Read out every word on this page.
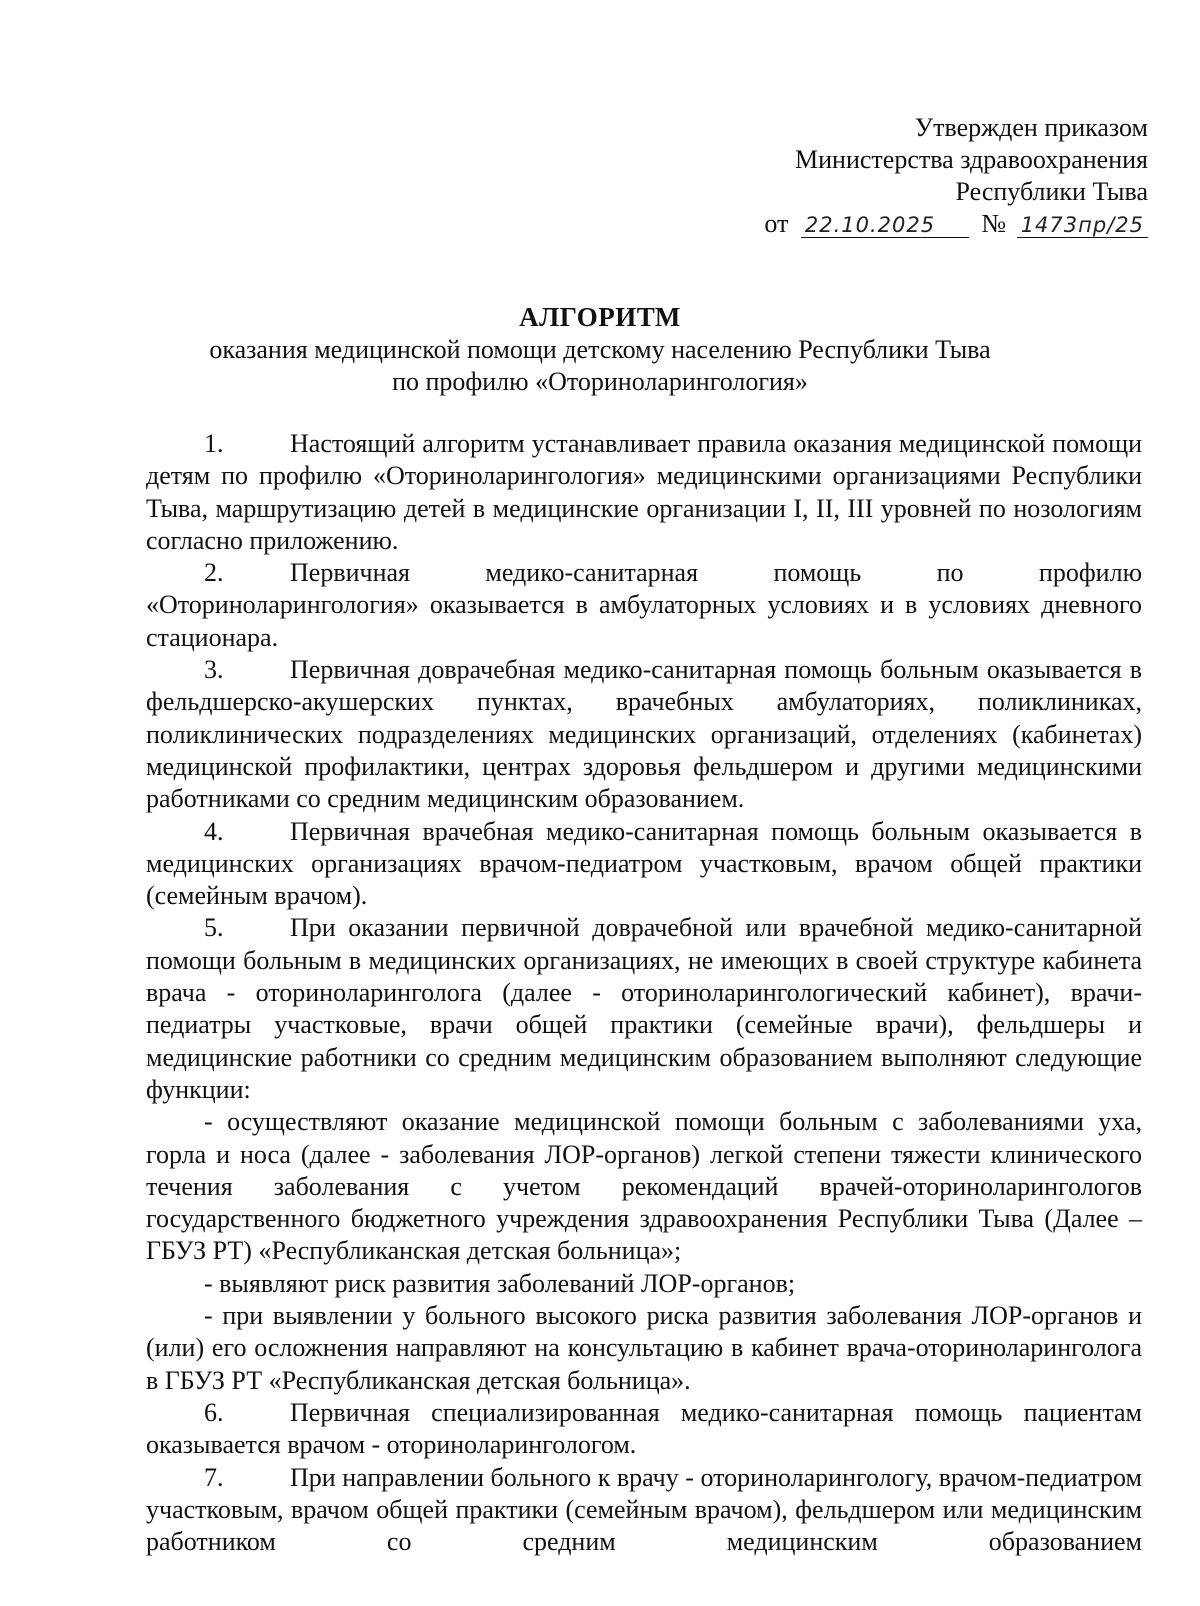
Утвержден приказом
Министерства здравоохранения
Республики Тыва
от 22.10.2025 № 1473пр/25
АЛГОРИТМ
оказания медицинской помощи детскому населению Республики Тыва
по профилю «Оториноларингология»

1.	Настоящий алгоритм устанавливает правила оказания медицинской помощи детям по профилю «Оториноларингология» медицинскими организациями Республики Тыва, маршрутизацию детей в медицинские организации I, II, III уровней по нозологиям согласно приложению.

2.	Первичная медико-санитарная помощь по профилю «Оториноларингология» оказывается в амбулаторных условиях и в условиях дневного стационара.

3.	Первичная доврачебная медико-санитарная помощь больным оказывается в фельдшерско-акушерских пунктах, врачебных амбулаториях, поликлиниках, поликлинических подразделениях медицинских организаций, отделениях (кабинетах) медицинской профилактики, центрах здоровья фельдшером и другими медицинскими работниками со средним медицинским образованием.

4.	Первичная врачебная медико-санитарная помощь больным оказывается в медицинских организациях врачом-педиатром участковым, врачом общей практики (семейным врачом).

5.	При оказании первичной доврачебной или врачебной медико-санитарной помощи больным в медицинских организациях, не имеющих в своей структуре кабинета врача - оториноларинголога (далее - оториноларингологический кабинет), врачи-педиатры участковые, врачи общей практики (семейные врачи), фельдшеры и медицинские работники со средним медицинским образованием выполняют следующие функции:

- осуществляют оказание медицинской помощи больным с заболеваниями уха, горла и носа (далее - заболевания ЛОР-органов) легкой степени тяжести клинического течения заболевания с учетом рекомендаций врачей-оториноларингологов государственного бюджетного учреждения здравоохранения Республики Тыва (Далее – ГБУЗ РТ) «Республиканская детская больница»;

- выявляют риск развития заболеваний ЛОР-органов;

- при выявлении у больного высокого риска развития заболевания ЛОР-органов и (или) его осложнения направляют на консультацию в кабинет врача-оториноларинголога в ГБУЗ РТ «Республиканская детская больница».

6.	Первичная специализированная медико-санитарная помощь пациентам оказывается врачом - оториноларингологом.

7.	При направлении больного к врачу - оториноларингологу, врачом-педиатром участковым, врачом общей практики (семейным врачом), фельдшером или медицинским работником со средним медицинским образованием
